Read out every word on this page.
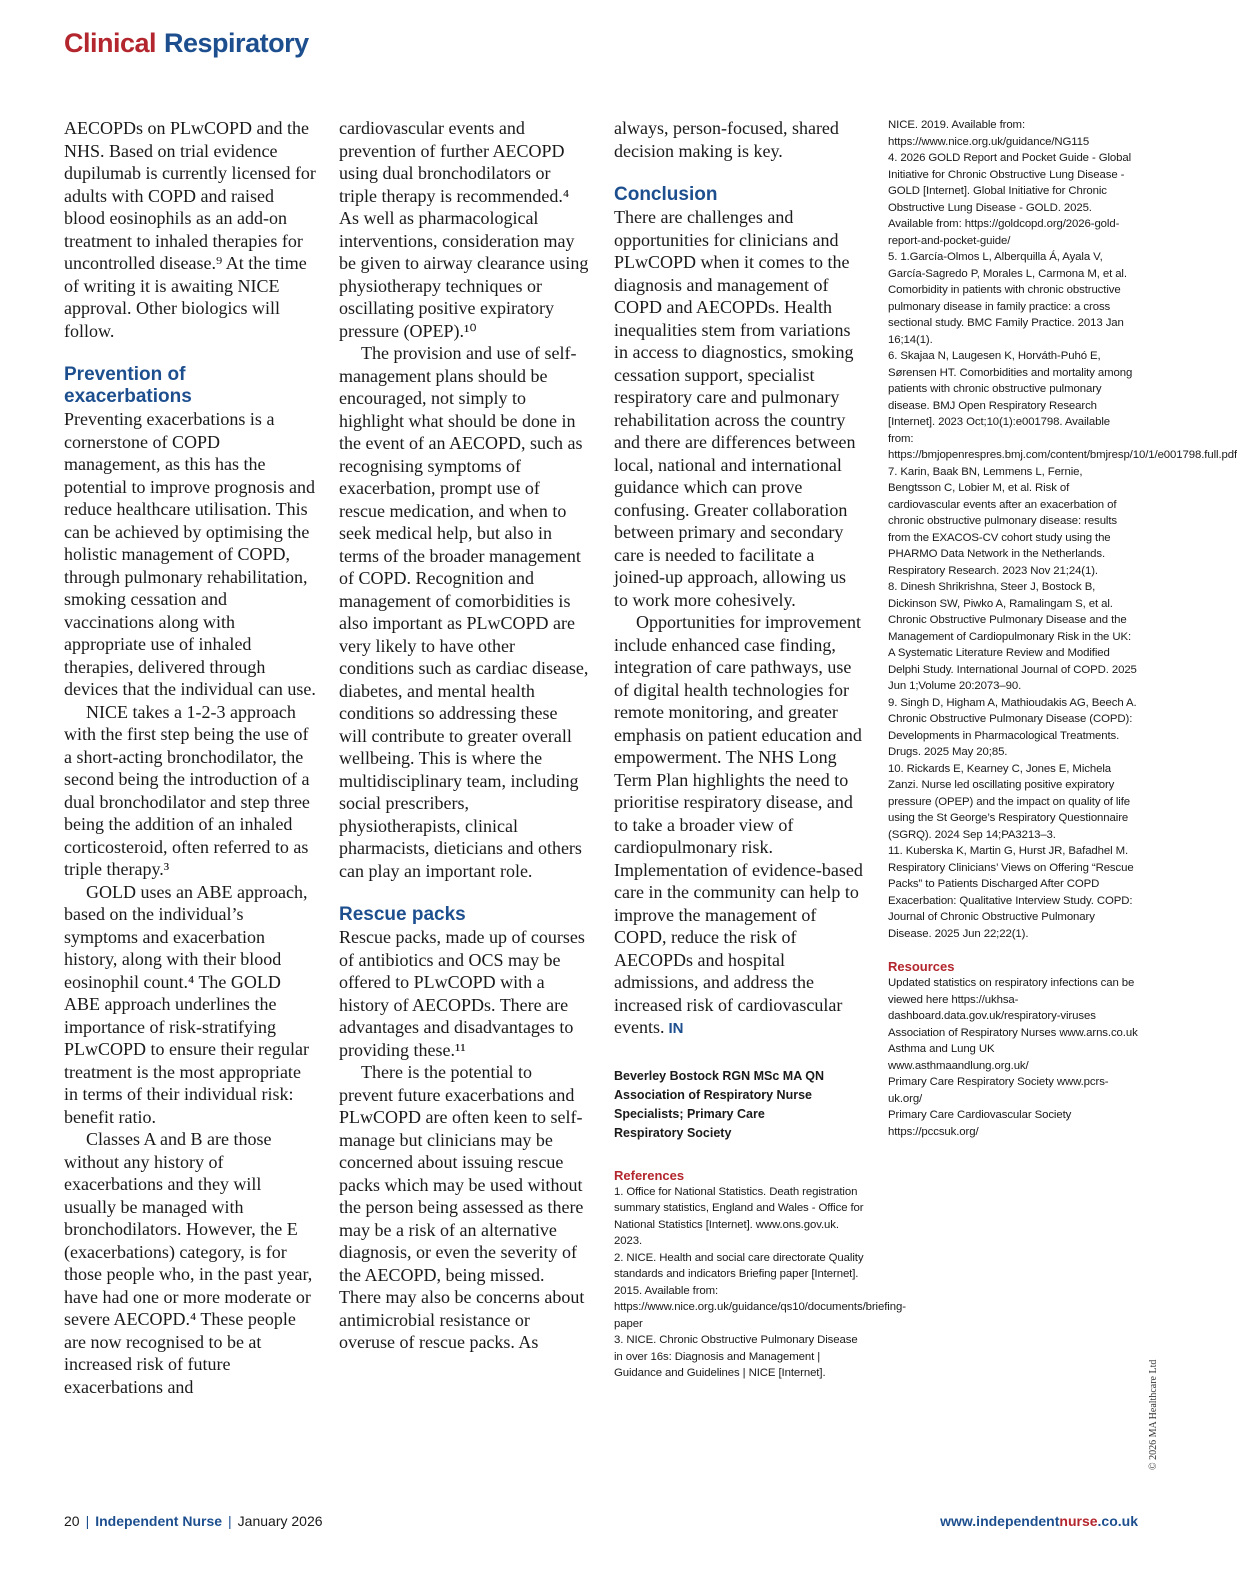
Clinical Respiratory

AECOPDs on PLwCOPD and the NHS. Based on trial evidence dupilumab is currently licensed for adults with COPD and raised blood eosinophils as an add-on treatment to inhaled therapies for uncontrolled disease.⁹ At the time of writing it is awaiting NICE approval. Other biologics will follow.

Prevention of exacerbations

Preventing exacerbations is a cornerstone of COPD management, as this has the potential to improve prognosis and reduce healthcare utilisation. This can be achieved by optimising the holistic management of COPD, through pulmonary rehabilitation, smoking cessation and vaccinations along with appropriate use of inhaled therapies, delivered through devices that the individual can use.

NICE takes a 1-2-3 approach with the first step being the use of a short-acting bronchodilator, the second being the introduction of a dual bronchodilator and step three being the addition of an inhaled corticosteroid, often referred to as triple therapy.³

GOLD uses an ABE approach, based on the individual’s symptoms and exacerbation history, along with their blood eosinophil count.⁴ The GOLD ABE approach underlines the importance of risk-stratifying PLwCOPD to ensure their regular treatment is the most appropriate in terms of their individual risk: benefit ratio.

Classes A and B are those without any history of exacerbations and they will usually be managed with bronchodilators. However, the E (exacerbations) category, is for those people who, in the past year, have had one or more moderate or severe AECOPD.⁴ These people are now recognised to be at increased risk of future exacerbations and

cardiovascular events and prevention of further AECOPD using dual bronchodilators or triple therapy is recommended.⁴ As well as pharmacological interventions, consideration may be given to airway clearance using physiotherapy techniques or oscillating positive expiratory pressure (OPEP).¹⁰

The provision and use of self-management plans should be encouraged, not simply to highlight what should be done in the event of an AECOPD, such as recognising symptoms of exacerbation, prompt use of rescue medication, and when to seek medical help, but also in terms of the broader management of COPD. Recognition and management of comorbidities is also important as PLwCOPD are very likely to have other conditions such as cardiac disease, diabetes, and mental health conditions so addressing these will contribute to greater overall wellbeing. This is where the multidisciplinary team, including social prescribers, physiotherapists, clinical pharmacists, dieticians and others can play an important role.

Rescue packs

Rescue packs, made up of courses of antibiotics and OCS may be offered to PLwCOPD with a history of AECOPDs. There are advantages and disadvantages to providing these.¹¹

There is the potential to prevent future exacerbations and PLwCOPD are often keen to self-manage but clinicians may be concerned about issuing rescue packs which may be used without the person being assessed as there may be a risk of an alternative diagnosis, or even the severity of the AECOPD, being missed. There may also be concerns about antimicrobial resistance or overuse of rescue packs. As

always, person-focused, shared decision making is key.

Conclusion

There are challenges and opportunities for clinicians and PLwCOPD when it comes to the diagnosis and management of COPD and AECOPDs. Health inequalities stem from variations in access to diagnostics, smoking cessation support, specialist respiratory care and pulmonary rehabilitation across the country and there are differences between local, national and international guidance which can prove confusing. Greater collaboration between primary and secondary care is needed to facilitate a joined-up approach, allowing us to work more cohesively.

Opportunities for improvement include enhanced case finding, integration of care pathways, use of digital health technologies for remote monitoring, and greater emphasis on patient education and empowerment. The NHS Long Term Plan highlights the need to prioritise respiratory disease, and to take a broader view of cardiopulmonary risk. Implementation of evidence-based care in the community can help to improve the management of COPD, reduce the risk of AECOPDs and hospital admissions, and address the increased risk of cardiovascular events. IN

Beverley Bostock RGN MSc MA QN
Association of Respiratory Nurse
Specialists; Primary Care
Respiratory Society
References
1. Office for National Statistics. Death registration summary statistics, England and Wales - Office for National Statistics [Internet]. www.ons.gov.uk. 2023.
2. NICE. Health and social care directorate Quality standards and indicators Briefing paper [Internet]. 2015. Available from: https://www.nice.org.uk/guidance/qs10/documents/briefing-paper
3. NICE. Chronic Obstructive Pulmonary Disease in over 16s: Diagnosis and Management | Guidance and Guidelines | NICE [Internet].
NICE. 2019. Available from: https://www.nice.org.uk/guidance/NG115
4. 2026 GOLD Report and Pocket Guide - Global Initiative for Chronic Obstructive Lung Disease - GOLD [Internet]. Global Initiative for Chronic Obstructive Lung Disease - GOLD. 2025. Available from: https://goldcopd.org/2026-gold-report-and-pocket-guide/
5. 1.García-Olmos L, Alberquilla Á, Ayala V, García-Sagredo P, Morales L, Carmona M, et al. Comorbidity in patients with chronic obstructive pulmonary disease in family practice: a cross sectional study. BMC Family Practice. 2013 Jan 16;14(1).
6. Skajaa N, Laugesen K, Horváth-Puhó E, Sørensen HT. Comorbidities and mortality among patients with chronic obstructive pulmonary disease. BMJ Open Respiratory Research [Internet]. 2023 Oct;10(1):e001798. Available from: https://bmjopenrespres.bmj.com/content/bmjresp/10/1/e001798.full.pdf
7. Karin, Baak BN, Lemmens L, Fernie, Bengtsson C, Lobier M, et al. Risk of cardiovascular events after an exacerbation of chronic obstructive pulmonary disease: results from the EXACOS-CV cohort study using the PHARMO Data Network in the Netherlands. Respiratory Research. 2023 Nov 21;24(1).
8. Dinesh Shrikrishna, Steer J, Bostock B, Dickinson SW, Piwko A, Ramalingam S, et al. Chronic Obstructive Pulmonary Disease and the Management of Cardiopulmonary Risk in the UK: A Systematic Literature Review and Modified Delphi Study. International Journal of COPD. 2025 Jun 1;Volume 20:2073–90.
9. Singh D, Higham A, Mathioudakis AG, Beech A. Chronic Obstructive Pulmonary Disease (COPD): Developments in Pharmacological Treatments. Drugs. 2025 May 20;85.
10. Rickards E, Kearney C, Jones E, Michela Zanzi. Nurse led oscillating positive expiratory pressure (OPEP) and the impact on quality of life using the St George’s Respiratory Questionnaire (SGRQ). 2024 Sep 14;PA3213–3.
11. Kuberska K, Martin G, Hurst JR, Bafadhel M. Respiratory Clinicians’ Views on Offering “Rescue Packs” to Patients Discharged After COPD Exacerbation: Qualitative Interview Study. COPD: Journal of Chronic Obstructive Pulmonary Disease. 2025 Jun 22;22(1).
Resources
Updated statistics on respiratory infections can be viewed here https://ukhsa-dashboard.data.gov.uk/respiratory-viruses
Association of Respiratory Nurses www.arns.co.uk
Asthma and Lung UK www.asthmaandlung.org.uk/
Primary Care Respiratory Society www.pcrs-uk.org/
Primary Care Cardiovascular Society https://pccsuk.org/
© 2026 MA Healthcare Ltd
20 | Independent Nurse | January 2026	www.independentnurse.co.uk
